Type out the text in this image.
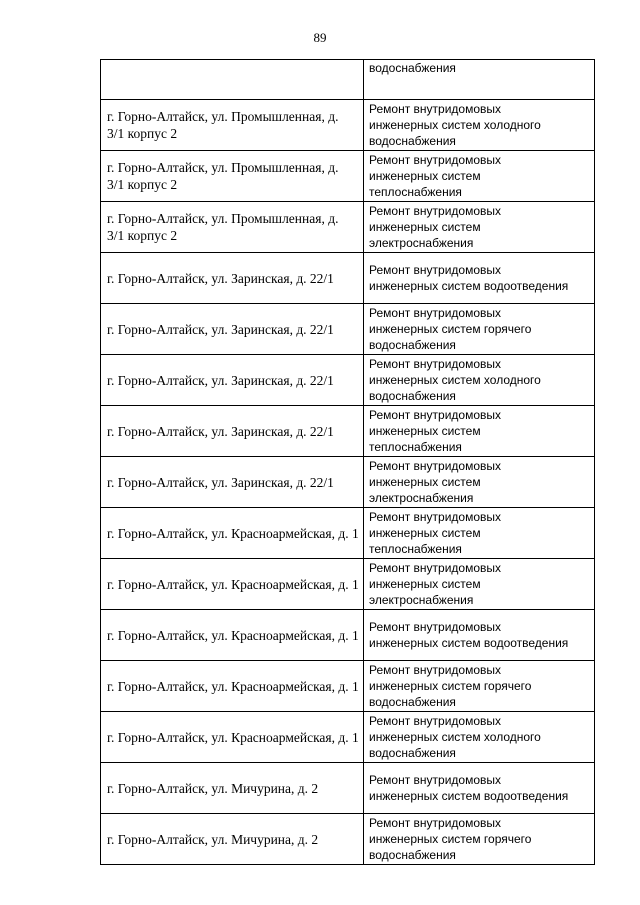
89
	водоснабжения
г. Горно-Алтайск, ул. Промышленная, д. 3/1 корпус 2	Ремонт внутридомовых
инженерных систем холодного
водоснабжения
г. Горно-Алтайск, ул. Промышленная, д. 3/1 корпус 2	Ремонт внутридомовых
инженерных систем
теплоснабжения
г. Горно-Алтайск, ул. Промышленная, д. 3/1 корпус 2	Ремонт внутридомовых
инженерных систем
электроснабжения
г. Горно-Алтайск, ул. Заринская, д. 22/1	Ремонт внутридомовых
инженерных систем водоотведения
г. Горно-Алтайск, ул. Заринская, д. 22/1	Ремонт внутридомовых
инженерных систем горячего
водоснабжения
г. Горно-Алтайск, ул. Заринская, д. 22/1	Ремонт внутридомовых
инженерных систем холодного
водоснабжения
г. Горно-Алтайск, ул. Заринская, д. 22/1	Ремонт внутридомовых
инженерных систем
теплоснабжения
г. Горно-Алтайск, ул. Заринская, д. 22/1	Ремонт внутридомовых
инженерных систем
электроснабжения
г. Горно-Алтайск, ул. Красноармейская, д. 1	Ремонт внутридомовых
инженерных систем
теплоснабжения
г. Горно-Алтайск, ул. Красноармейская, д. 1	Ремонт внутридомовых
инженерных систем
электроснабжения
г. Горно-Алтайск, ул. Красноармейская, д. 1	Ремонт внутридомовых
инженерных систем водоотведения
г. Горно-Алтайск, ул. Красноармейская, д. 1	Ремонт внутридомовых
инженерных систем горячего
водоснабжения
г. Горно-Алтайск, ул. Красноармейская, д. 1	Ремонт внутридомовых
инженерных систем холодного
водоснабжения
г. Горно-Алтайск, ул. Мичурина, д. 2	Ремонт внутридомовых
инженерных систем водоотведения
г. Горно-Алтайск, ул. Мичурина, д. 2	Ремонт внутридомовых
инженерных систем горячего
водоснабжения
